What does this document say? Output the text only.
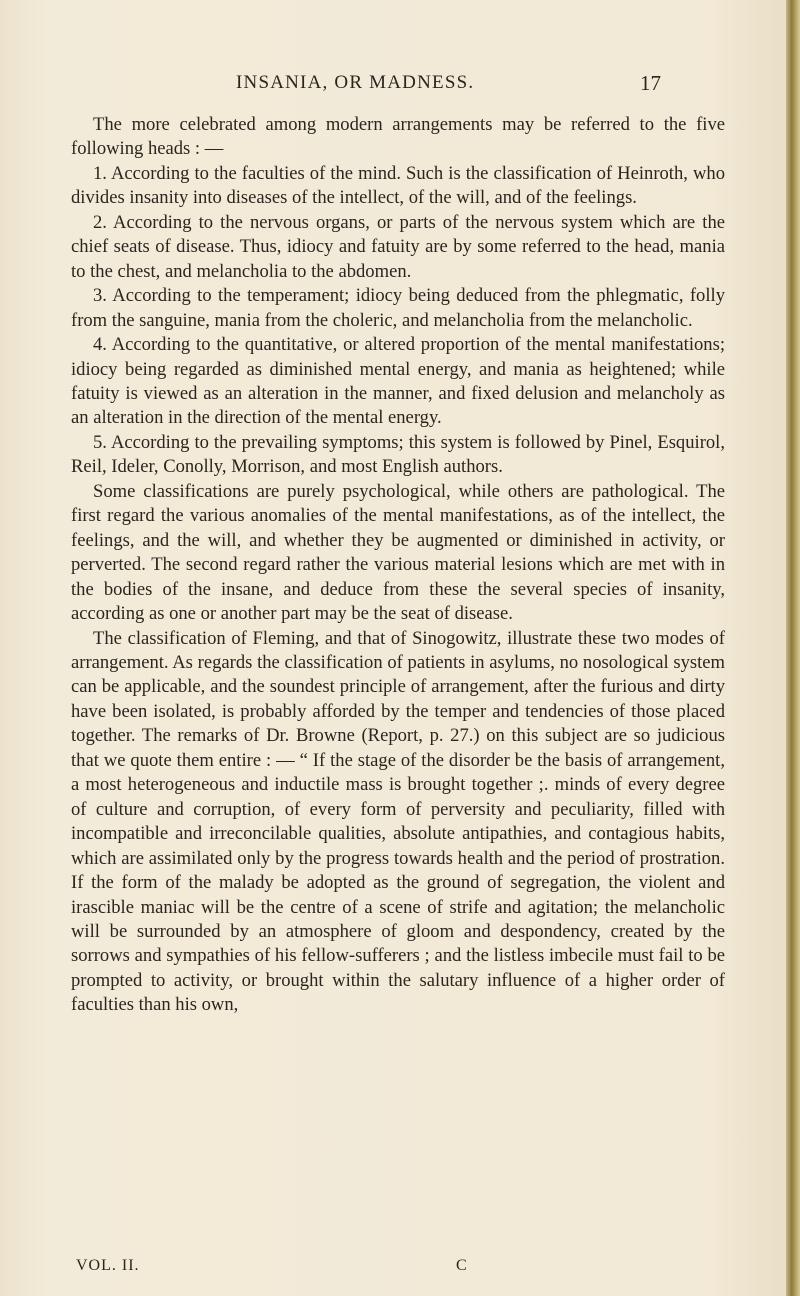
INSANIA, OR MADNESS.	17

The more celebrated among modern arrangements may be referred to the five following heads : —

1. According to the faculties of the mind. Such is the classification of Heinroth, who divides insanity into diseases of the intellect, of the will, and of the feelings.

2. According to the nervous organs, or parts of the nervous system which are the chief seats of disease. Thus, idiocy and fatuity are by some referred to the head, mania to the chest, and melancholia to the abdomen.

3. According to the temperament; idiocy being deduced from the phlegmatic, folly from the sanguine, mania from the choleric, and melancholia from the melancholic.

4. According to the quantitative, or altered proportion of the mental manifestations; idiocy being regarded as diminished mental energy, and mania as heightened; while fatuity is viewed as an alteration in the manner, and fixed delusion and melancholy as an alteration in the direction of the mental energy.

5. According to the prevailing symptoms; this system is followed by Pinel, Esquirol, Reil, Ideler, Conolly, Morrison, and most English authors.

Some classifications are purely psychological, while others are pathological. The first regard the various anomalies of the mental manifestations, as of the intellect, the feelings, and the will, and whether they be augmented or diminished in activity, or perverted. The second regard rather the various material lesions which are met with in the bodies of the insane, and deduce from these the several species of insanity, according as one or another part may be the seat of disease.

The classification of Fleming, and that of Sinogowitz, illustrate these two modes of arrangement. As regards the classification of patients in asylums, no nosological system can be applicable, and the soundest principle of arrangement, after the furious and dirty have been isolated, is probably afforded by the temper and tendencies of those placed together. The remarks of Dr. Browne (Report, p. 27.) on this subject are so judicious that we quote them entire : — “ If the stage of the disorder be the basis of arrangement, a most heterogeneous and inductile mass is brought together ;. minds of every degree of culture and corruption, of every form of perversity and peculiarity, filled with incompatible and irreconcilable qualities, absolute antipathies, and contagious habits, which are assimilated only by the progress towards health and the period of prostration. If the form of the malady be adopted as the ground of segregation, the violent and irascible maniac will be the centre of a scene of strife and agitation; the melancholic will be surrounded by an atmosphere of gloom and despondency, created by the sorrows and sympathies of his fellow-sufferers ; and the listless imbecile must fail to be prompted to activity, or brought within the salutary influence of a higher order of faculties than his own,

VOL. II.	C
